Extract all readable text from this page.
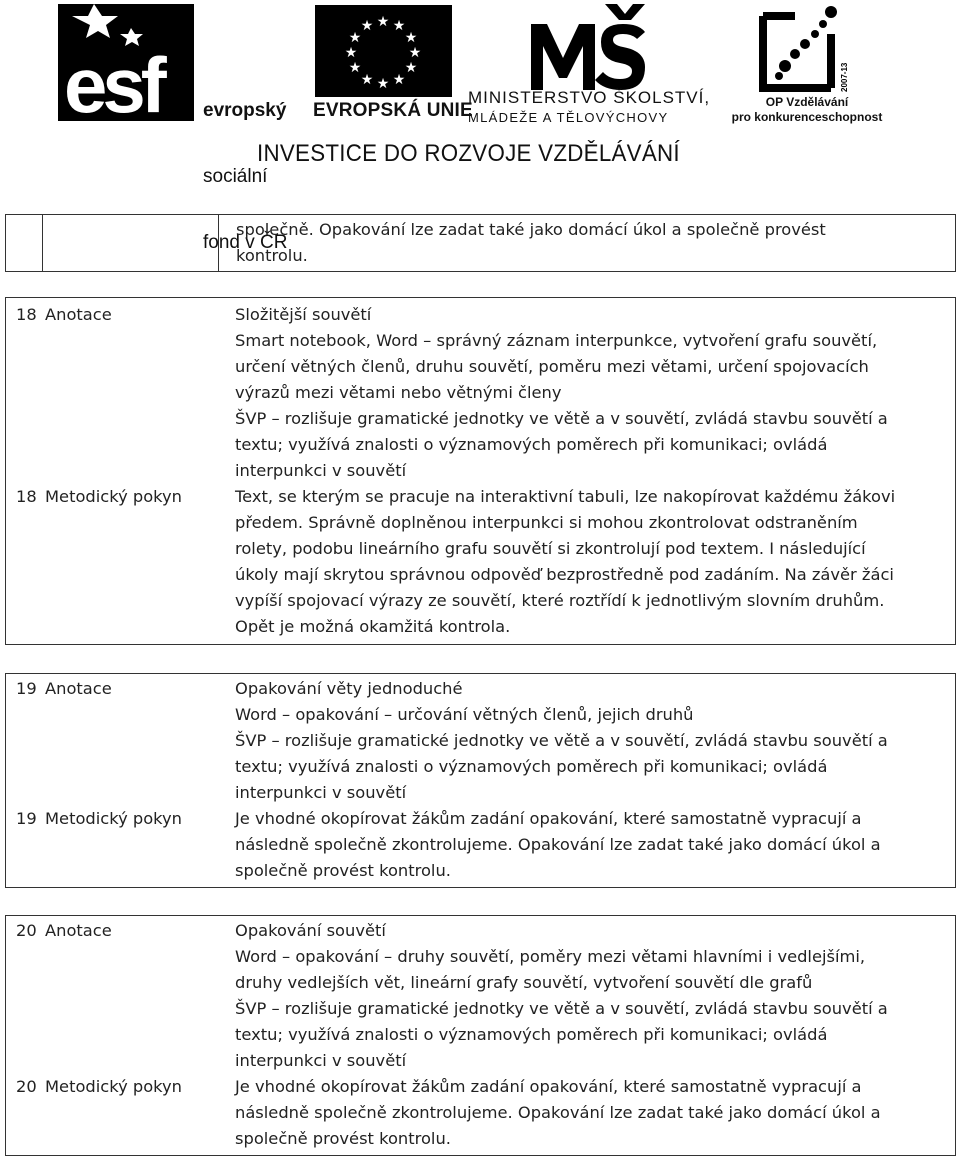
esf

	evropský

sociální

fond v ČR

★ ★
★
★
★
★
★
★
★
★
★
★
EVROPSKÁ UNIE
MINISTERSTVO ŠKOLSTVÍ,
MLÁDEŽE A TĚLOVÝCHOVY
2007-13
OP Vzdělávání
pro konkurenceschopnost
INVESTICE DO ROZVOJE VZDĚLÁVÁNÍ
společně. Opakování lze zadat také jako domácí úkol a společně provést
kontrolu.
18 Anotace	Složitější souvětí
Smart notebook, Word – správný záznam interpunkce, vytvoření grafu souvětí,
určení větných členů, druhu souvětí, poměru mezi větami, určení spojovacích
výrazů mezi větami nebo větnými členy
ŠVP – rozlišuje gramatické jednotky ve větě a v souvětí, zvládá stavbu souvětí a
textu; využívá znalosti o významových poměrech při komunikaci; ovládá
interpunkci v souvětí
18 Metodický pokyn	Text, se kterým se pracuje na interaktivní tabuli, lze nakopírovat každému žákovi
předem. Správně doplněnou interpunkci si mohou zkontrolovat odstraněním
rolety, podobu lineárního grafu souvětí si zkontrolují pod textem. I následující
úkoly mají skrytou správnou odpověď bezprostředně pod zadáním. Na závěr žáci
vypíší spojovací výrazy ze souvětí, které roztřídí k jednotlivým slovním druhům.
Opět je možná okamžitá kontrola.
19 Anotace	Opakování věty jednoduché
Word – opakování – určování větných členů, jejich druhů
ŠVP – rozlišuje gramatické jednotky ve větě a v souvětí, zvládá stavbu souvětí a
textu; využívá znalosti o významových poměrech při komunikaci; ovládá
interpunkci v souvětí
19 Metodický pokyn	Je vhodné okopírovat žákům zadání opakování, které samostatně vypracují a
následně společně zkontrolujeme. Opakování lze zadat také jako domácí úkol a
společně provést kontrolu.
20 Anotace	Opakování souvětí
Word – opakování – druhy souvětí, poměry mezi větami hlavními i vedlejšími,
druhy vedlejších vět, lineární grafy souvětí, vytvoření souvětí dle grafů
ŠVP – rozlišuje gramatické jednotky ve větě a v souvětí, zvládá stavbu souvětí a
textu; využívá znalosti o významových poměrech při komunikaci; ovládá
interpunkci v souvětí
20 Metodický pokyn	Je vhodné okopírovat žákům zadání opakování, které samostatně vypracují a
následně společně zkontrolujeme. Opakování lze zadat také jako domácí úkol a
společně provést kontrolu.
